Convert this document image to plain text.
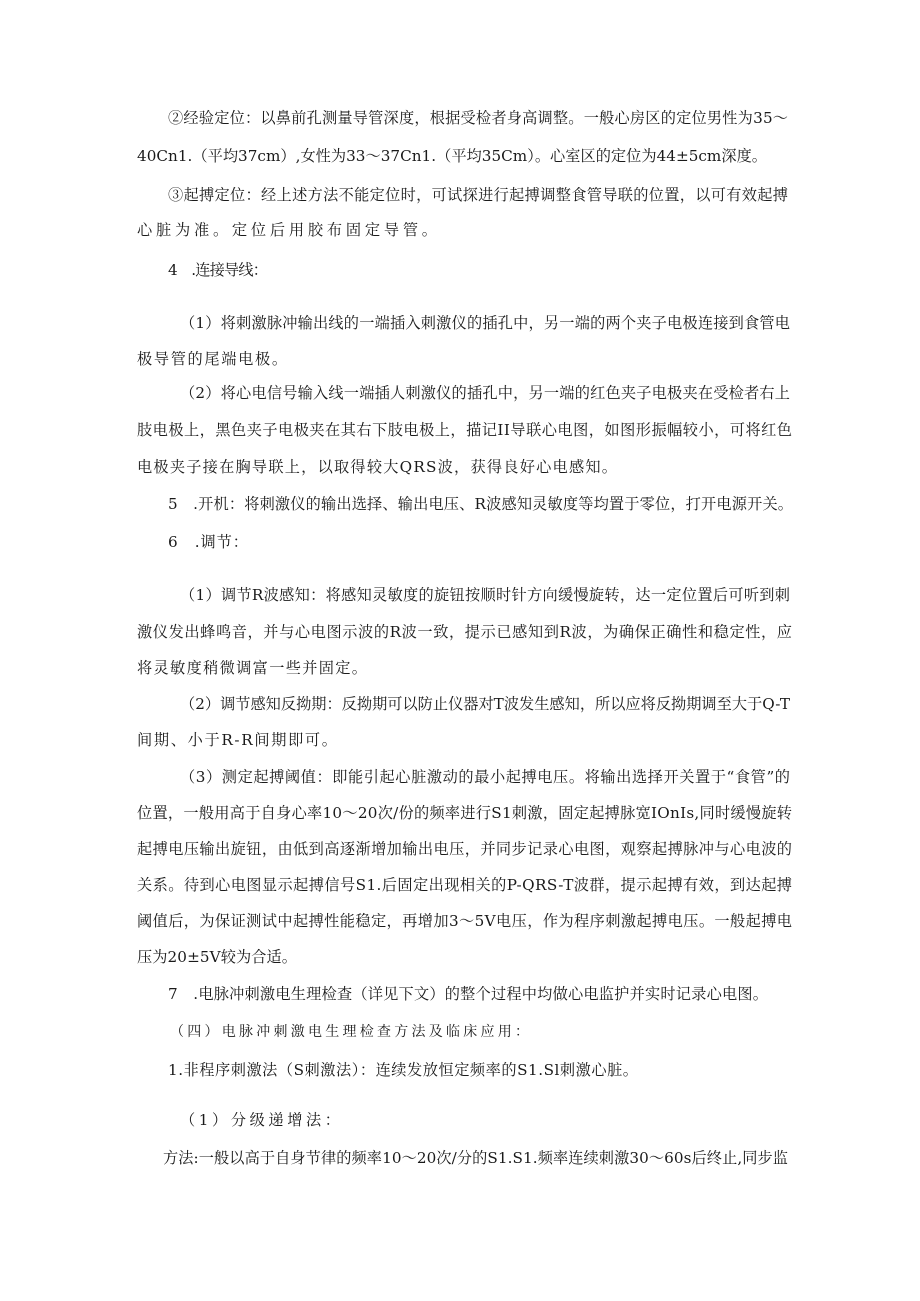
②经验定位：以鼻前孔测量导管深度，根据受检者身高调整。一般心房区的定位男性为35～

40Cn1.（平均37cm）,女性为33～37Cn1.（平均35Cm）。心室区的定位为44±5cm深度。

③起搏定位：经上述方法不能定位时，可试探进行起搏调整食管导联的位置，以可有效起搏

心脏为准。定位后用胶布固定导管。

4　.连接导线：

（1）将刺激脉冲输出线的一端插入刺激仪的插孔中，另一端的两个夹子电极连接到食管电

极导管的尾端电极。

（2）将心电信号输入线一端插人刺激仪的插孔中，另一端的红色夹子电极夹在受检者右上

肢电极上，黑色夹子电极夹在其右下肢电极上，描记II导联心电图，如图形振幅较小，可将红色

电极夹子接在胸导联上，以取得较大QRS波，获得良好心电感知。

5　.开机：将刺激仪的输出选择、输出电压、R波感知灵敏度等均置于零位，打开电源开关。

6　.调节：

（1）调节R波感知：将感知灵敏度的旋钮按顺时针方向缓慢旋转，达一定位置后可听到刺

激仪发出蜂鸣音，并与心电图示波的R波一致，提示已感知到R波，为确保正确性和稳定性，应

将灵敏度稍微调富一些并固定。

（2）调节感知反拗期：反拗期可以防止仪器对T波发生感知，所以应将反拗期调至大于Q-T

间期、小于R-R间期即可。

（3）测定起搏阈值：即能引起心脏激动的最小起搏电压。将输出选择开关置于“食管”的

位置，一般用高于自身心率10～20次/份的频率进行S1刺激，固定起搏脉宽IOnIs,同时缓慢旋转

起搏电压输出旋钮，由低到高逐渐增加输出电压，并同步记录心电图，观察起搏脉冲与心电波的

关系。待到心电图显示起搏信号S1.后固定出现相关的P-QRS-T波群，提示起搏有效，到达起搏

阈值后，为保证测试中起搏性能稳定，再增加3～5V电压，作为程序刺激起搏电压。一般起搏电

压为20±5V较为合适。

7　.电脉冲刺激电生理检查（详见下文）的整个过程中均做心电监护并实时记录心电图。

（四）电脉冲刺激电生理检查方法及临床应用：

1.非程序刺激法（S刺激法）：连续发放恒定频率的S1.Sl刺激心脏。

（1）分级递增法：

方法:一般以高于自身节律的频率10～20次/分的S1.S1.频率连续刺激30～60s后终止,同步监
